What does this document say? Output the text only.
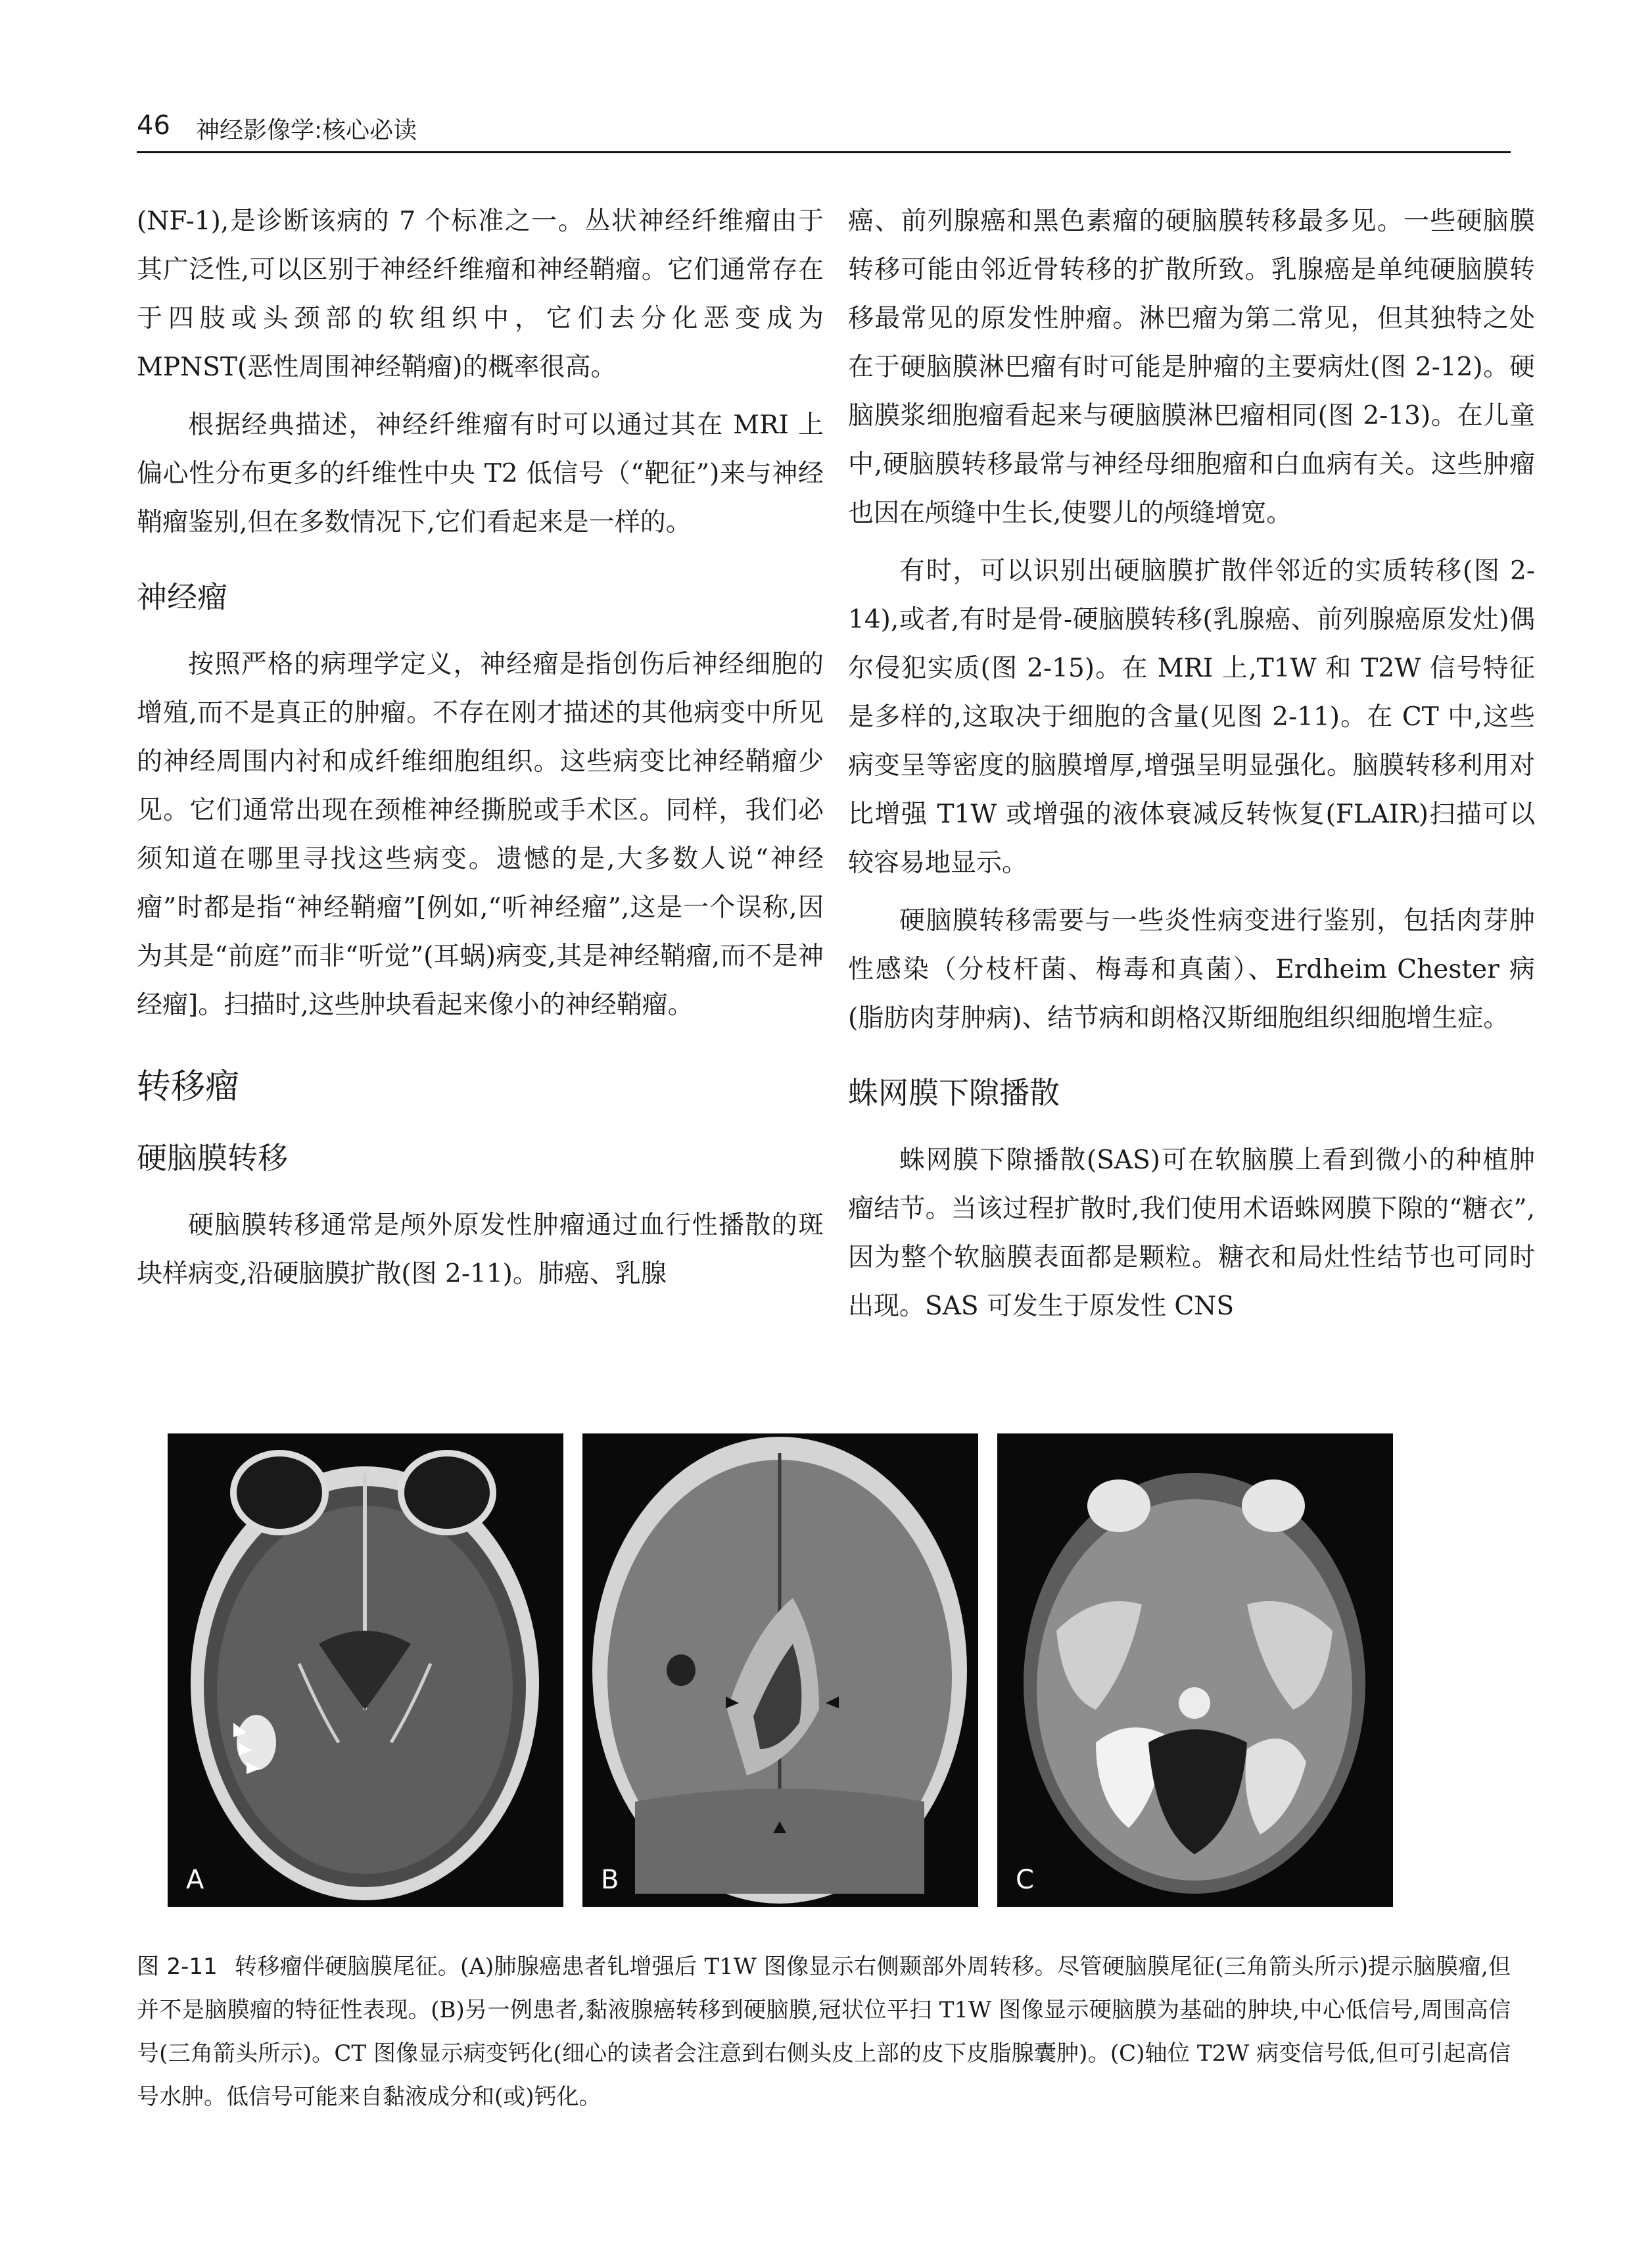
46 神经影像学:核心必读

(NF-1),是诊断该病的 7 个标准之一。丛状神经纤维瘤由于其广泛性,可以区别于神经纤维瘤和神经鞘瘤。它们通常存在于四肢或头颈部的软组织中，它们去分化恶变成为 MPNST(恶性周围神经鞘瘤)的概率很高。

根据经典描述，神经纤维瘤有时可以通过其在 MRI 上偏心性分布更多的纤维性中央 T2 低信号（“靶征”)来与神经鞘瘤鉴别,但在多数情况下,它们看起来是一样的。

神经瘤

按照严格的病理学定义，神经瘤是指创伤后神经细胞的增殖,而不是真正的肿瘤。不存在刚才描述的其他病变中所见的神经周围内衬和成纤维细胞组织。这些病变比神经鞘瘤少见。它们通常出现在颈椎神经撕脱或手术区。同样，我们必须知道在哪里寻找这些病变。遗憾的是,大多数人说“神经瘤”时都是指“神经鞘瘤”[例如,“听神经瘤”,这是一个误称,因为其是“前庭”而非“听觉”(耳蜗)病变,其是神经鞘瘤,而不是神经瘤]。扫描时,这些肿块看起来像小的神经鞘瘤。

转移瘤
硬脑膜转移

硬脑膜转移通常是颅外原发性肿瘤通过血行性播散的斑块样病变,沿硬脑膜扩散(图 2-11)。肺癌、乳腺

癌、前列腺癌和黑色素瘤的硬脑膜转移最多见。一些硬脑膜转移可能由邻近骨转移的扩散所致。乳腺癌是单纯硬脑膜转移最常见的原发性肿瘤。淋巴瘤为第二常见，但其独特之处在于硬脑膜淋巴瘤有时可能是肿瘤的主要病灶(图 2-12)。硬脑膜浆细胞瘤看起来与硬脑膜淋巴瘤相同(图 2-13)。在儿童中,硬脑膜转移最常与神经母细胞瘤和白血病有关。这些肿瘤也因在颅缝中生长,使婴儿的颅缝增宽。

有时，可以识别出硬脑膜扩散伴邻近的实质转移(图 2-14),或者,有时是骨-硬脑膜转移(乳腺癌、前列腺癌原发灶)偶尔侵犯实质(图 2-15)。在 MRI 上,T1W 和 T2W 信号特征是多样的,这取决于细胞的含量(见图 2-11)。在 CT 中,这些病变呈等密度的脑膜增厚,增强呈明显强化。脑膜转移利用对比增强 T1W 或增强的液体衰减反转恢复(FLAIR)扫描可以较容易地显示。

硬脑膜转移需要与一些炎性病变进行鉴别，包括肉芽肿性感染（分枝杆菌、梅毒和真菌）、Erdheim Chester 病(脂肪肉芽肿病)、结节病和朗格汉斯细胞组织细胞增生症。

蛛网膜下隙播散

蛛网膜下隙播散(SAS)可在软脑膜上看到微小的种植肿瘤结节。当该过程扩散时,我们使用术语蛛网膜下隙的“糖衣”,因为整个软脑膜表面都是颗粒。糖衣和局灶性结节也可同时出现。SAS 可发生于原发性 CNS

A	B	C
图 2-11 转移瘤伴硬脑膜尾征。(A)肺腺癌患者钆增强后 T1W 图像显示右侧颞部外周转移。尽管硬脑膜尾征(三角箭头所示)提示脑膜瘤,但并不是脑膜瘤的特征性表现。(B)另一例患者,黏液腺癌转移到硬脑膜,冠状位平扫 T1W 图像显示硬脑膜为基础的肿块,中心低信号,周围高信号(三角箭头所示)。CT 图像显示病变钙化(细心的读者会注意到右侧头皮上部的皮下皮脂腺囊肿)。(C)轴位 T2W 病变信号低,但可引起高信号水肿。低信号可能来自黏液成分和(或)钙化。
